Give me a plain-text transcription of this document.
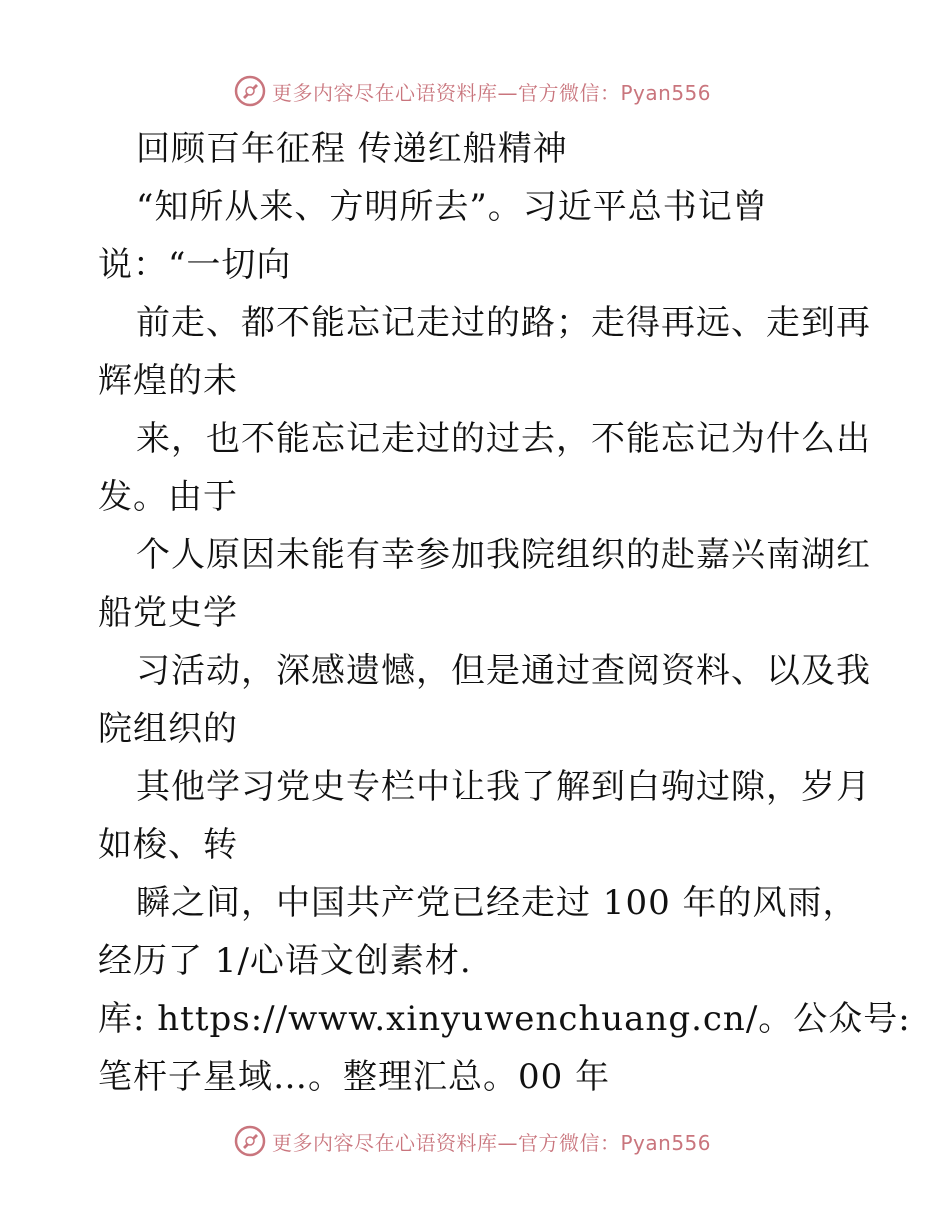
更多内容尽在心语资料库—官方微信：Pyan556
回顾百年征程 传递红船精神
“知所从来、方明所去”。习近平总书记曾
说：“一切向
前走、都不能忘记走过的路；走得再远、走到再
辉煌的未
来，也不能忘记走过的过去，不能忘记为什么出
发。由于
个人原因未能有幸参加我院组织的赴嘉兴南湖红
船党史学
习活动，深感遗憾，但是通过查阅资料、以及我
院组织的
其他学习党史专栏中让我了解到白驹过隙，岁月
如梭、转
瞬之间，中国共产党已经走过 100 年的风雨，
经历了 1/心语文创素材.
库: https://www.xinyuwenchuang.cn/。公众号:
笔杆子星域…。整理汇总。00 年
更多内容尽在心语资料库—官方微信：Pyan556
